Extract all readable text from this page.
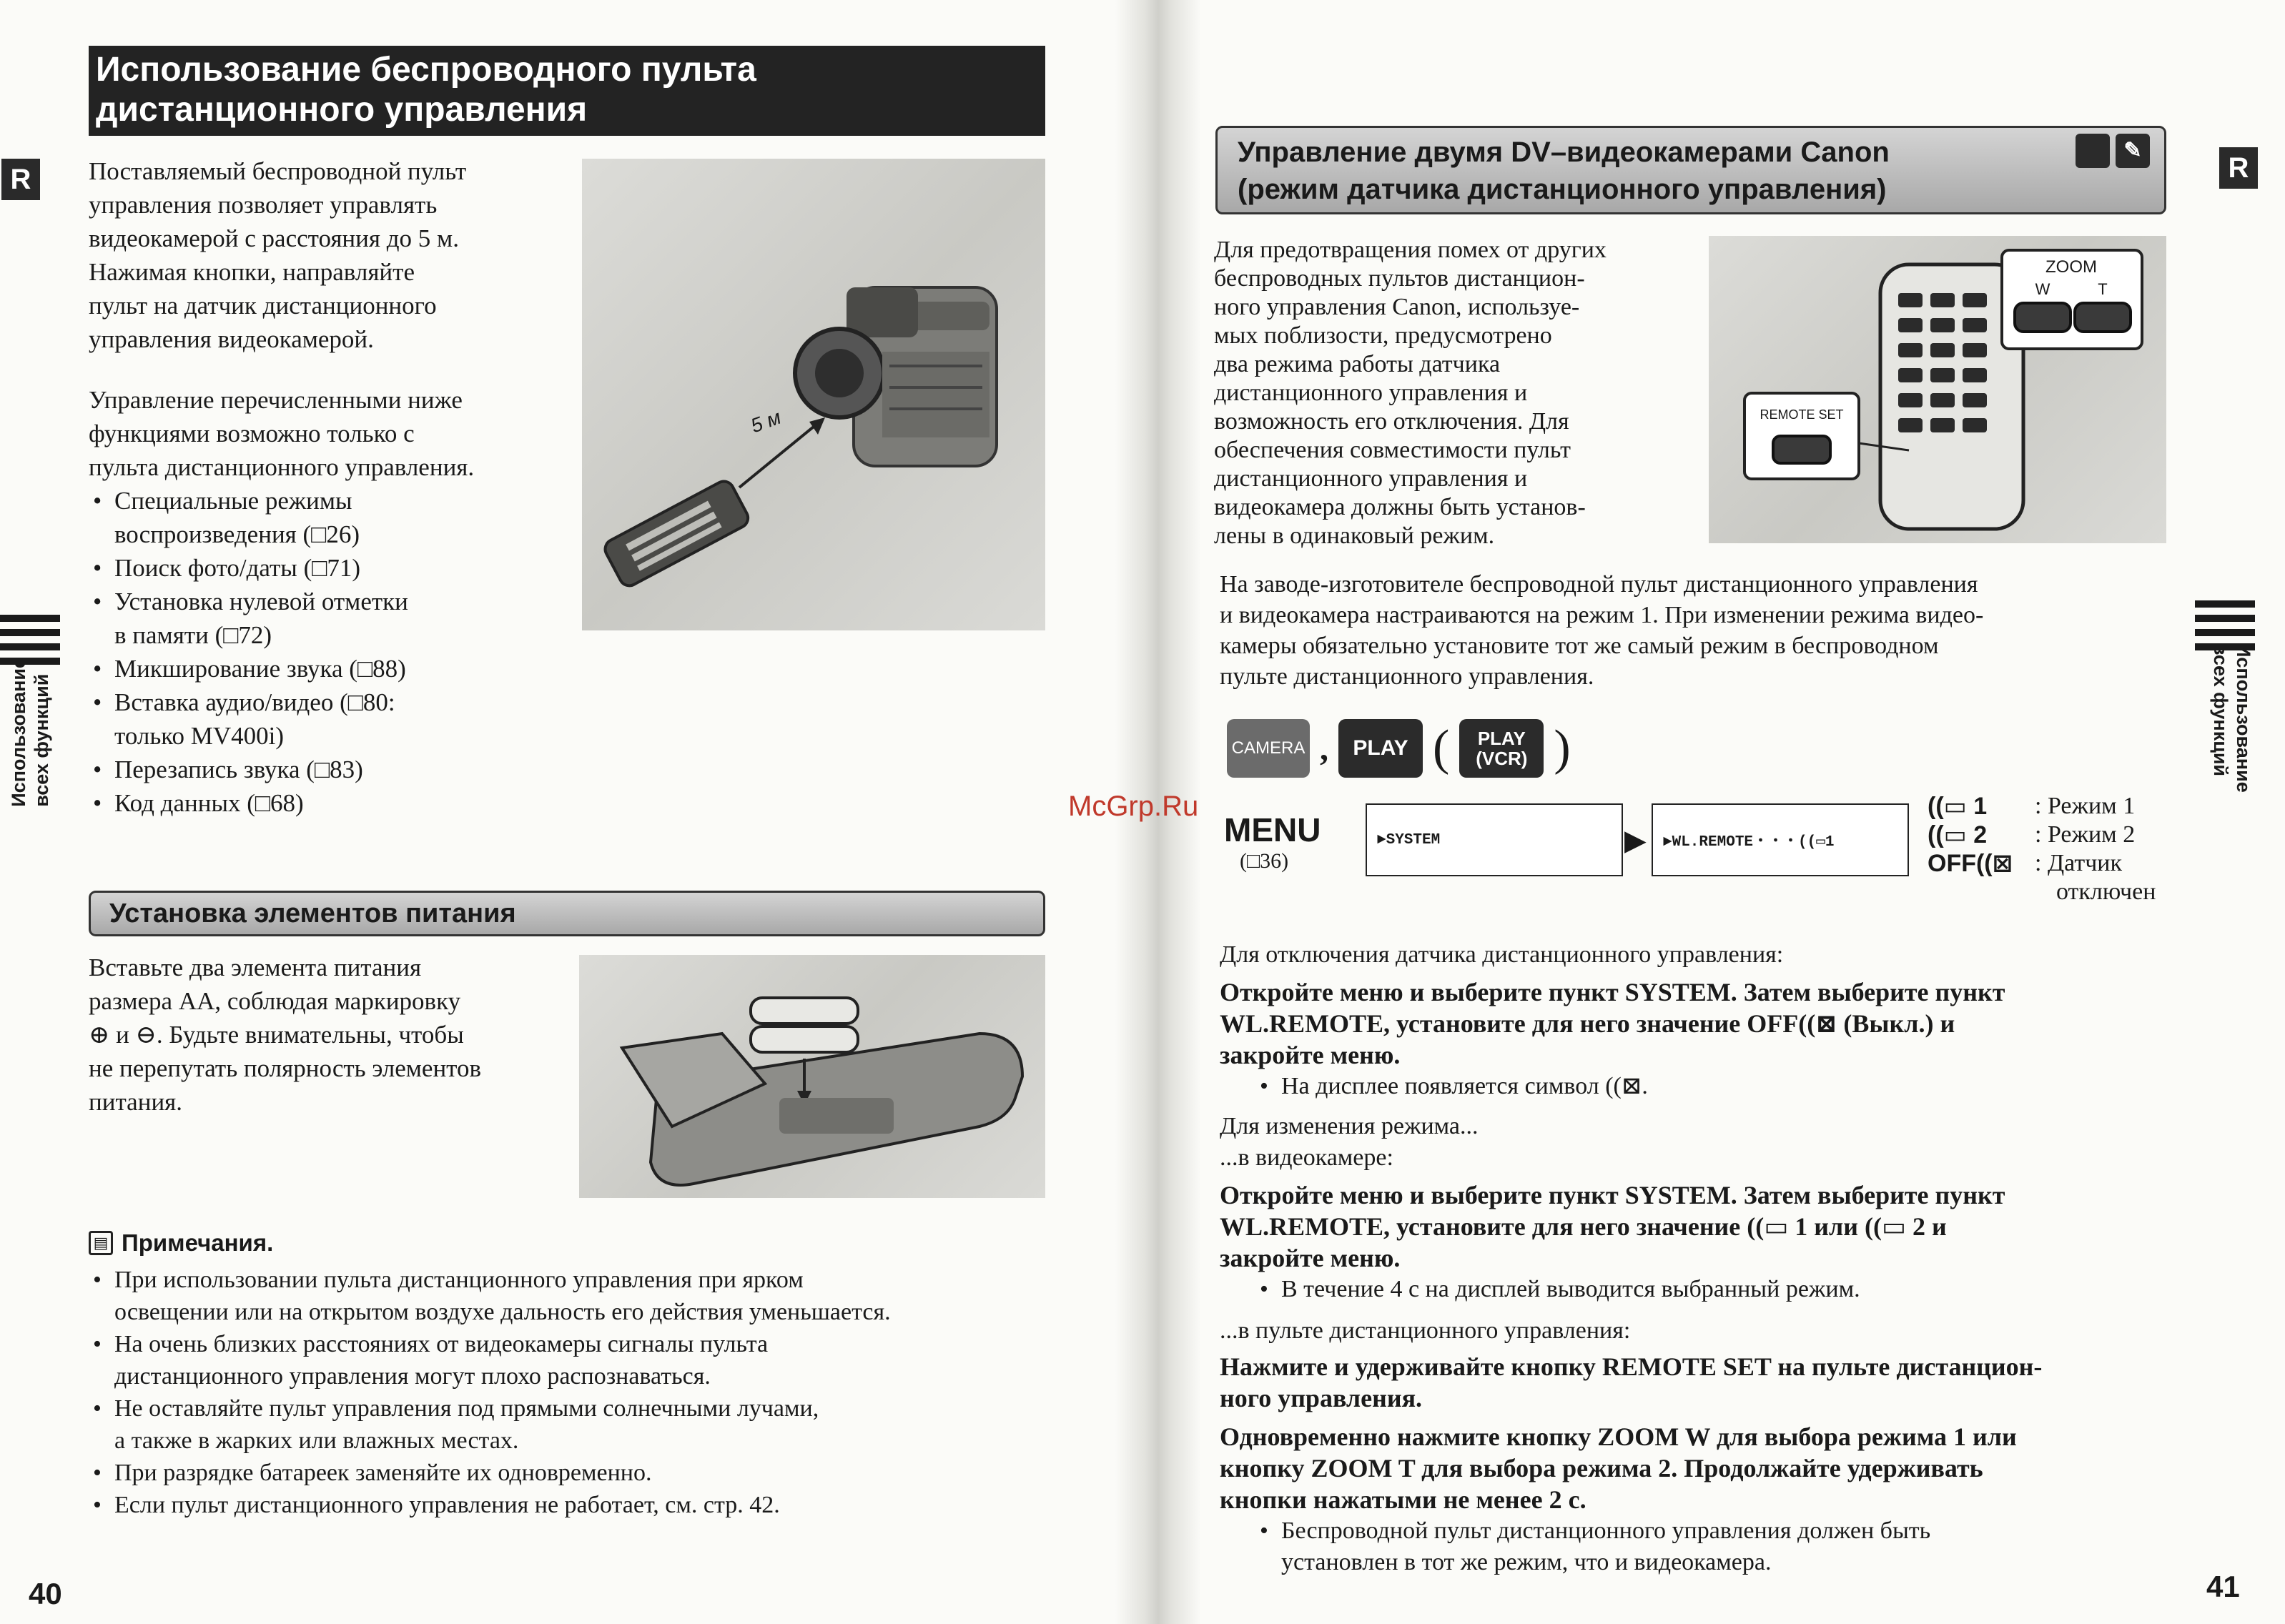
R
Использование
всех функций
Использование беспроводного пульта
дистанционного управления
Поставляемый беспроводной пульт
управления позволяет управлять
видеокамерой с расстояния до 5 м.
Нажимая кнопки, направляйте
пульт на датчик дистанционного
управления видеокамерой.
Управление перечисленными ниже
функциями возможно только с
пульта дистанционного управления.
• Специальные режимы
воспроизведения (□26)
• Поиск фото/даты (□71)
• Установка нулевой отметки
в памяти (□72)
• Микширование звука (□88)
• Вставка аудио/видео (□80:
только MV400i)
• Перезапись звука (□83)
• Код данных (□68)
5 м
Установка элементов питания
Вставьте два элемента питания
размера AA, соблюдая маркировку
⊕ и ⊖. Будьте внимательны, чтобы
не перепутать полярность элементов
питания.
▤ Примечания.
• При использовании пульта дистанционного управления при ярком
освещении или на открытом воздухе дальность его действия уменьшается.
• На очень близких расстояниях от видеокамеры сигналы пульта
дистанционного управления могут плохо распознаваться.
• Не оставляйте пульт управления под прямыми солнечными лучами,
а также в жарких или влажных местах.
• При разрядке батареек заменяйте их одновременно.
• Если пульт дистанционного управления не работает, см. стр. 42.
40
R
Использование
всех функций
Управление двумя DV–видеокамерами Canon
(режим датчика дистанционного управления)
✎
Для предотвращения помех от других
беспроводных пультов дистанцион-
ного управления Canon, используе-
мых поблизости, предусмотрено
два режима работы датчика
дистанционного управления и
возможность его отключения. Для
обеспечения совместимости пульт
дистанционного управления и
видеокамера должны быть установ-
лены в одинаковый режим.
ZOOM
W	T
REMOTE SET
На заводе-изготовителе беспроводной пульт дистанционного управления
и видеокамера настраиваются на режим 1. При изменении режима видео-
камеры обязательно установите тот же самый режим в беспроводном
пульте дистанционного управления.
CAMERA ,	PLAY ( PLAY
(VCR) )
MENU
(□36)
►SYSTEM	▶	►WL.REMOTE・・・((▭1
((▭ 1	: Режим 1
((▭ 2	: Режим 2
OFF((⊠ : Датчик
отключен
Для отключения датчика дистанционного управления:
Откройте меню и выберите пункт SYSTEM. Затем выберите пункт
WL.REMOTE, установите для него значение OFF((⊠ (Выкл.) и
закройте меню.
• На дисплее появляется символ ((⊠.
Для изменения режима...
...в видеокамере:
Откройте меню и выберите пункт SYSTEM. Затем выберите пункт
WL.REMOTE, установите для него значение ((▭ 1 или ((▭ 2 и
закройте меню.
• В течение 4 с на дисплей выводится выбранный режим.
...в пульте дистанционного управления:
Нажмите и удерживайте кнопку REMOTE SET на пульте дистанцион-
ного управления.
Одновременно нажмите кнопку ZOOM W для выбора режима 1 или
кнопку ZOOM T для выбора режима 2. Продолжайте удерживать
кнопки нажатыми не менее 2 с.
• Беспроводной пульт дистанционного управления должен быть
установлен в тот же режим, что и видеокамера.
41
McGrp.Ru
